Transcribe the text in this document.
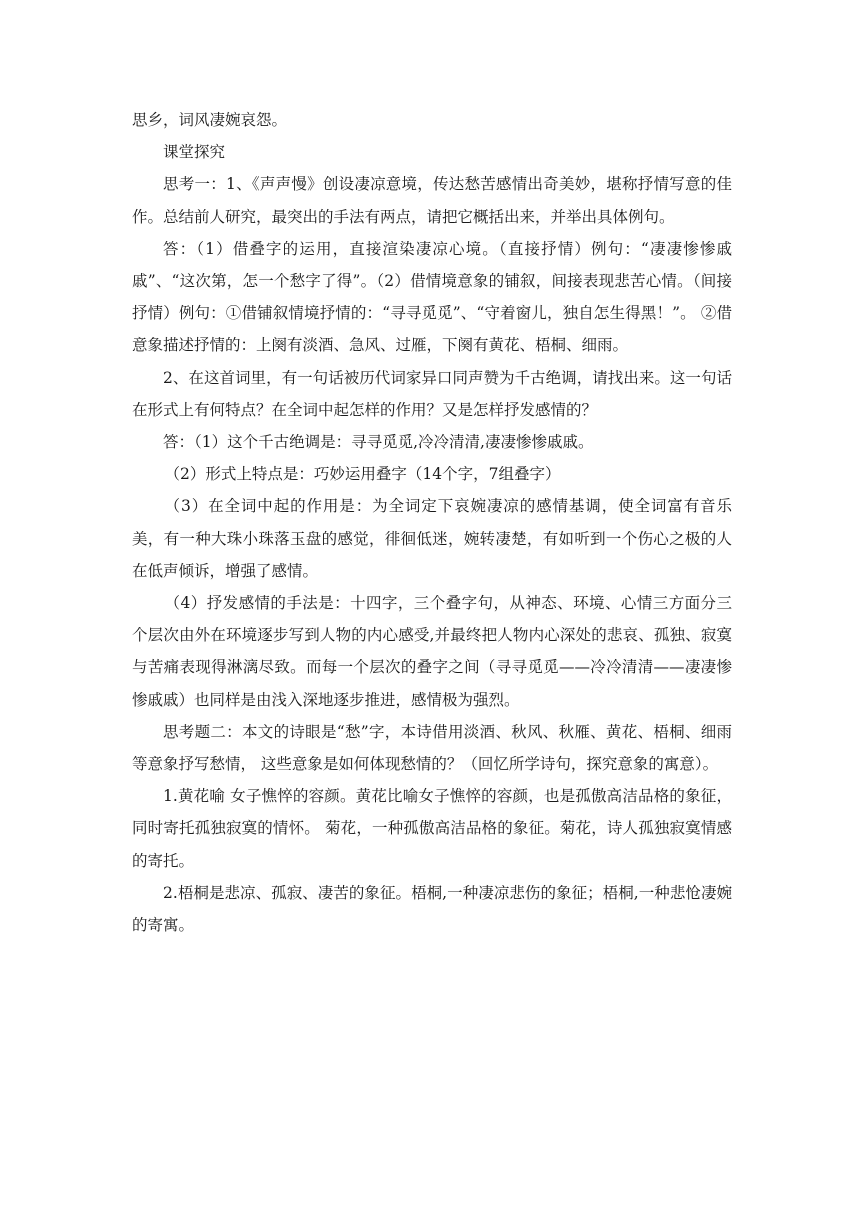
思乡，词风凄婉哀怨。

课堂探究

思考一：1、《声声慢》创设凄凉意境，传达愁苦感情出奇美妙，堪称抒情写意的佳作。总结前人研究，最突出的手法有两点，请把它概括出来，并举出具体例句。

答：（1）借叠字的运用，直接渲染凄凉心境。（直接抒情）例句：“凄凄惨惨戚戚”、“这次第，怎一个愁字了得”。（2）借情境意象的铺叙，间接表现悲苦心情。（间接抒情）例句：①借铺叙情境抒情的：“寻寻觅觅”、“守着窗儿，独自怎生得黑！”。 ②借意象描述抒情的：上阕有淡酒、急风、过雁，下阕有黄花、梧桐、细雨。

2、在这首词里，有一句话被历代词家异口同声赞为千古绝调，请找出来。这一句话在形式上有何特点？在全词中起怎样的作用？又是怎样抒发感情的？

答：（1）这个千古绝调是：寻寻觅觅,冷冷清清,凄凄惨惨戚戚。

（2）形式上特点是：巧妙运用叠字（14个字，7组叠字）

（3）在全词中起的作用是：为全词定下哀婉凄凉的感情基调，使全词富有音乐美，有一种大珠小珠落玉盘的感觉，徘徊低迷，婉转凄楚，有如听到一个伤心之极的人在低声倾诉，增强了感情。

（4）抒发感情的手法是：十四字，三个叠字句，从神态、环境、心情三方面分三个层次由外在环境逐步写到人物的内心感受,并最终把人物内心深处的悲哀、孤独、寂寞与苦痛表现得淋漓尽致。而每一个层次的叠字之间（寻寻觅觅——冷冷清清——凄凄惨惨戚戚）也同样是由浅入深地逐步推进，感情极为强烈。

思考题二：本文的诗眼是“愁”字，本诗借用淡酒、秋风、秋雁、黄花、梧桐、细雨等意象抒写愁情， 这些意象是如何体现愁情的？（回忆所学诗句，探究意象的寓意）。

1.黄花喻 女子憔悴的容颜。黄花比喻女子憔悴的容颜，也是孤傲高洁品格的象征，同时寄托孤独寂寞的情怀。 菊花，一种孤傲高洁品格的象征。菊花，诗人孤独寂寞情感的寄托。

2.梧桐是悲凉、孤寂、凄苦的象征。梧桐,一种凄凉悲伤的象征；梧桐,一种悲怆凄婉的寄寓。
